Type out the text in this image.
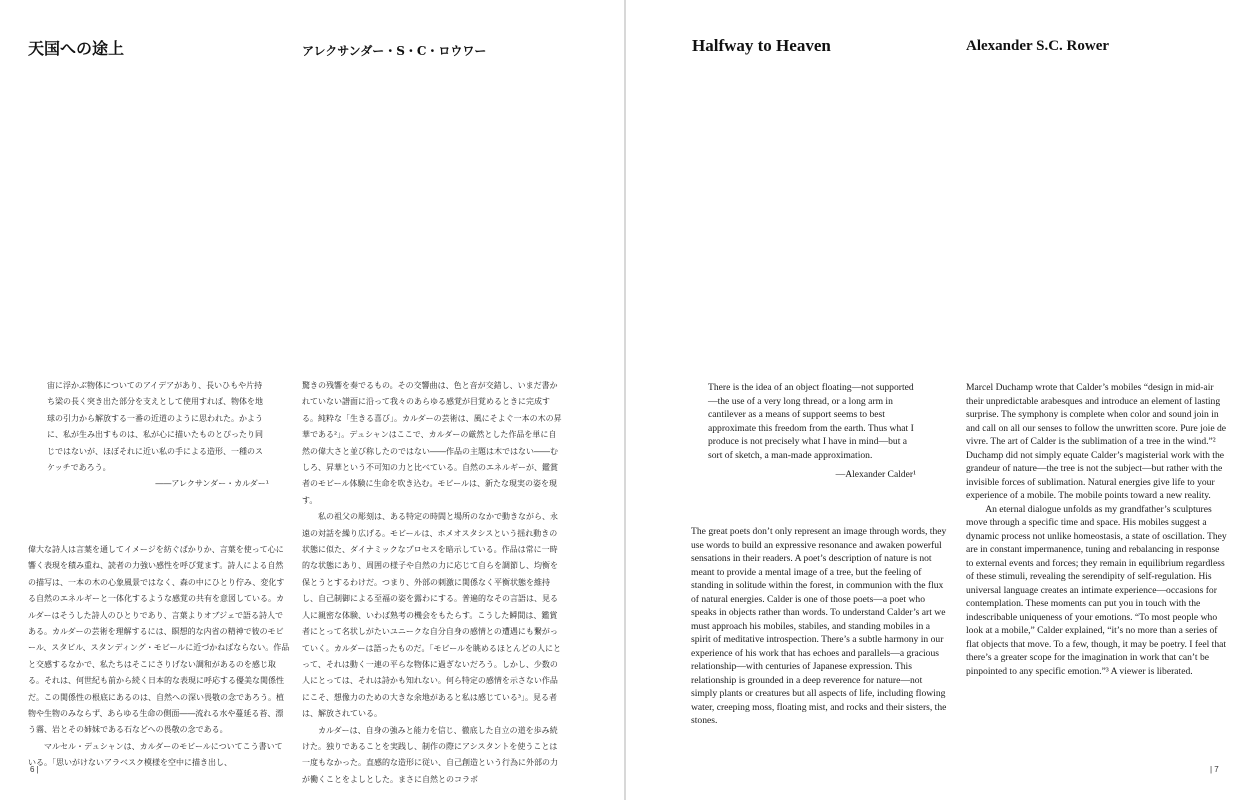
天国への途上	アレクサンダー・S・C・ロウワー

宙に浮かぶ物体についてのアイデアがあり、長いひもや片持ち梁の長く突き出た部分を支えとして使用すれば、物体を地球の引力から解放する一番の近道のように思われた。かように、私が生み出すものは、私が心に描いたものとぴったり同じではないが、ほぼそれに近い私の手による造形、一種のスケッチであろう。

――アレクサンダー・カルダー¹

偉大な詩人は言葉を通してイメージを紡ぐばかりか、言葉を使って心に響く表現を積み重ね、読者の力強い感性を呼び覚ます。詩人による自然の描写は、一本の木の心象風景ではなく、森の中にひとり佇み、変化する自然のエネルギーと一体化するような感覚の共有を意図している。カルダーはそうした詩人のひとりであり、言葉よりオブジェで語る詩人である。カルダーの芸術を理解するには、瞑想的な内省の精神で彼のモビール、スタビル、スタンディング・モビールに近づかねばならない。作品と交感するなかで、私たちはそこにさりげない調和があるのを感じ取る。それは、何世紀も前から続く日本的な表現に呼応する優美な関係性だ。この関係性の根底にあるのは、自然への深い畏敬の念であろう。植物や生物のみならず、あらゆる生命の側面――流れる水や蔓延る苔、漂う霧、岩とその姉妹である石などへの畏敬の念である。

マルセル・デュシャンは、カルダーのモビールについてこう書いている。「思いがけないアラベスク模様を空中に描き出し、

驚きの残響を奏でるもの。その交響曲は、色と音が交錯し、いまだ書かれていない譜面に沿って我々のあらゆる感覚が目覚めるときに完成する。純粋な「生きる喜び」。カルダーの芸術は、風にそよぐ一本の木の昇華である²」。デュシャンはここで、カルダーの厳然とした作品を単に自然の偉大さと並び称したのではない――作品の主題は木ではない――むしろ、昇華という不可知の力と比べている。自然のエネルギーが、鑑賞者のモビール体験に生命を吹き込む。モビールは、新たな現実の姿を現す。

私の祖父の彫刻は、ある特定の時間と場所のなかで動きながら、永遠の対話を繰り広げる。モビールは、ホメオスタシスという揺れ動きの状態に似た、ダイナミックなプロセスを暗示している。作品は常に一時的な状態にあり、周囲の様子や自然の力に応じて自らを調節し、均衡を保とうとするわけだ。つまり、外部の刺激に関係なく平衡状態を維持し、自己制御による至福の姿を露わにする。普遍的なその言語は、見る人に親密な体験、いわば熟考の機会をもたらす。こうした瞬間は、鑑賞者にとって名状しがたいユニークな自分自身の感情との遭遇にも繋がっていく。カルダーは語ったものだ。「モビールを眺めるほとんどの人にとって、それは動く一連の平らな物体に過ぎないだろう。しかし、少数の人にとっては、それは詩かも知れない。何ら特定の感情を示さない作品にこそ、想像力のための大きな余地があると私は感じている³」。見る者は、解放されている。

カルダーは、自身の強みと能力を信じ、徹底した自立の道を歩み続けた。独りであることを実践し、制作の際にアシスタントを使うことは一度もなかった。直感的な造形に従い、自己創造という行為に外部の力が働くことをよしとした。まさに自然とのコラボ

6 |
Halfway to Heaven	Alexander S.C. Rower

There is the idea of an object floating—not supported—the use of a very long thread, or a long arm in cantilever as a means of support seems to best approximate this freedom from the earth. Thus what I produce is not precisely what I have in mind—but a sort of sketch, a man-made approximation.

—Alexander Calder¹

The great poets don’t only represent an image through words, they use words to build an expressive resonance and awaken powerful sensations in their readers. A poet’s description of nature is not meant to provide a mental image of a tree, but the feeling of standing in solitude within the forest, in communion with the flux of natural energies. Calder is one of those poets—a poet who speaks in objects rather than words. To understand Calder’s art we must approach his mobiles, stabiles, and standing mobiles in a spirit of meditative introspection. There’s a subtle harmony in our experience of his work that has echoes and parallels—a gracious relationship—with centuries of Japanese expression. This relationship is grounded in a deep reverence for nature—not simply plants or creatures but all aspects of life, including flowing water, creeping moss, floating mist, and rocks and their sisters, the stones.

Marcel Duchamp wrote that Calder’s mobiles “design in mid-air their unpredictable arabesques and introduce an element of lasting surprise. The symphony is complete when color and sound join in and call on all our senses to follow the unwritten score. Pure joie de vivre. The art of Calder is the sublimation of a tree in the wind.”² Duchamp did not simply equate Calder’s magisterial work with the grandeur of nature—the tree is not the subject—but rather with the invisible forces of sublimation. Natural energies give life to your experience of a mobile. The mobile points toward a new reality.

An eternal dialogue unfolds as my grandfather’s sculptures move through a specific time and space. His mobiles suggest a dynamic process not unlike homeostasis, a state of oscillation. They are in constant impermanence, tuning and rebalancing in response to external events and forces; they remain in equilibrium regardless of these stimuli, revealing the serendipity of self-regulation. His universal language creates an intimate experience—occasions for contemplation. These moments can put you in touch with the indescribable uniqueness of your emotions. “To most people who look at a mobile,” Calder explained, “it’s no more than a series of flat objects that move. To a few, though, it may be poetry. I feel that there’s a greater scope for the imagination in work that can’t be pinpointed to any specific emotion.”³ A viewer is liberated.

| 7
